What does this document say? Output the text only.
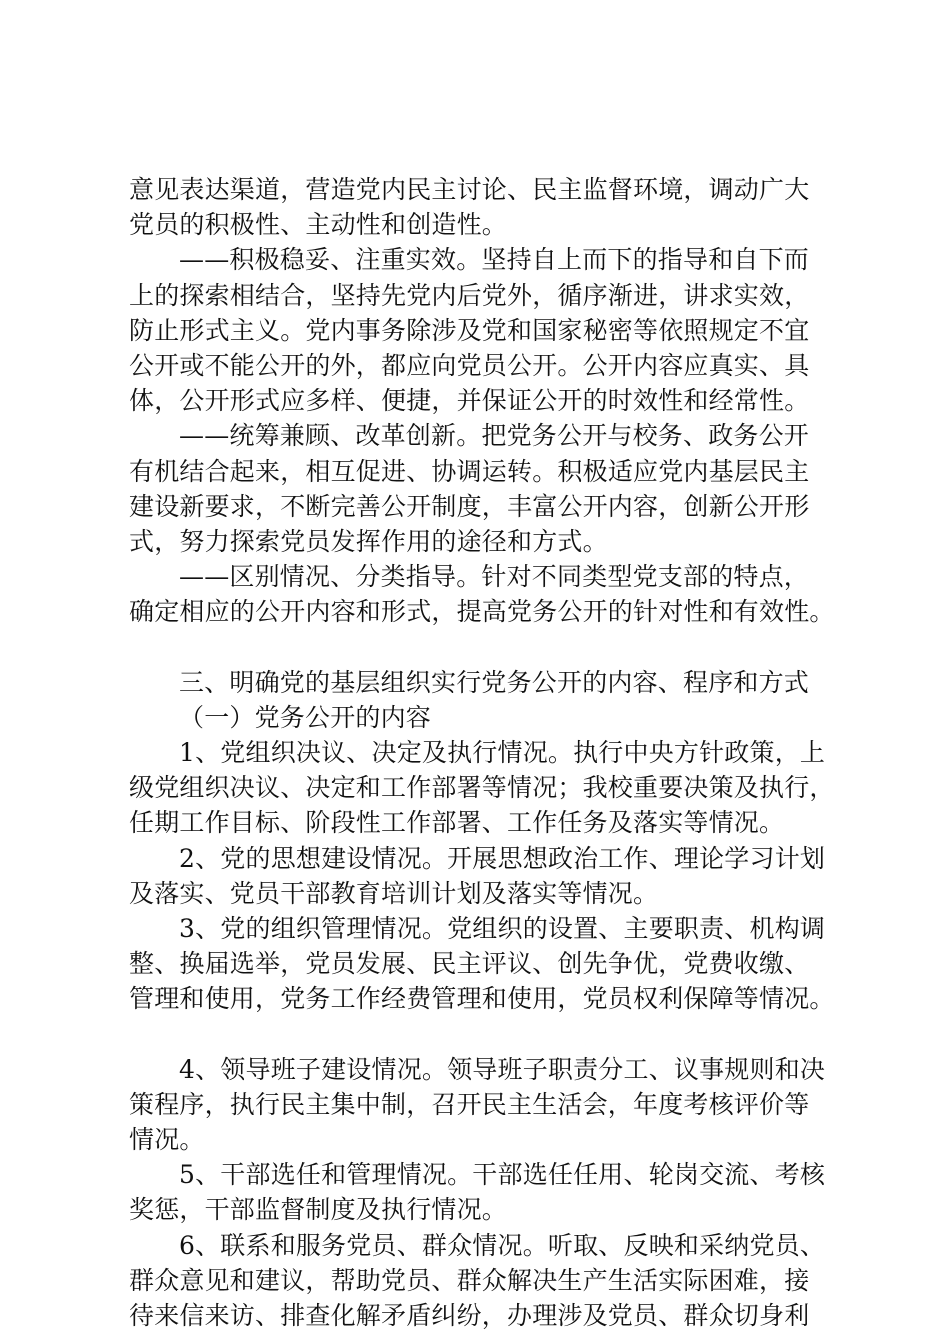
意见表达渠道，营造党内民主讨论、民主监督环境，调动广大
党员的积极性、主动性和创造性。
——积极稳妥、注重实效。坚持自上而下的指导和自下而
上的探索相结合，坚持先党内后党外，循序渐进，讲求实效，
防止形式主义。党内事务除涉及党和国家秘密等依照规定不宜
公开或不能公开的外，都应向党员公开。公开内容应真实、具
体，公开形式应多样、便捷，并保证公开的时效性和经常性。
——统筹兼顾、改革创新。把党务公开与校务、政务公开
有机结合起来，相互促进、协调运转。积极适应党内基层民主
建设新要求，不断完善公开制度，丰富公开内容，创新公开形
式，努力探索党员发挥作用的途径和方式。
——区别情况、分类指导。针对不同类型党支部的特点，
确定相应的公开内容和形式，提高党务公开的针对性和有效性。
三、明确党的基层组织实行党务公开的内容、程序和方式
（一）党务公开的内容
1、党组织决议、决定及执行情况。执行中央方针政策，上
级党组织决议、决定和工作部署等情况；我校重要决策及执行，
任期工作目标、阶段性工作部署、工作任务及落实等情况。
2、党的思想建设情况。开展思想政治工作、理论学习计划
及落实、党员干部教育培训计划及落实等情况。
3、党的组织管理情况。党组织的设置、主要职责、机构调
整、换届选举，党员发展、民主评议、创先争优，党费收缴、
管理和使用，党务工作经费管理和使用，党员权利保障等情况。
4、领导班子建设情况。领导班子职责分工、议事规则和决
策程序，执行民主集中制，召开民主生活会，年度考核评价等
情况。
5、干部选任和管理情况。干部选任任用、轮岗交流、考核
奖惩，干部监督制度及执行情况。
6、联系和服务党员、群众情况。听取、反映和采纳党员、
群众意见和建议，帮助党员、群众解决生产生活实际困难，接
待来信来访、排查化解矛盾纠纷，办理涉及党员、群众切身利
